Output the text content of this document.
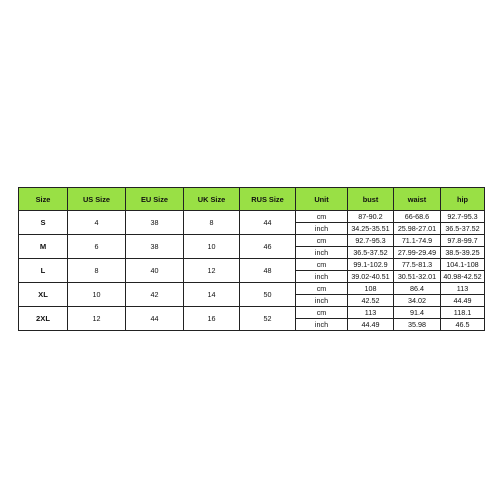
Size	US Size	EU Size	UK Size	RUS Size	Unit	bust	waist	hip
S	4	38	8	44	cm	87-90.2	66-68.6	92.7-95.3
					inch	34.25-35.51	25.98-27.01	36.5-37.52
M	6	38	10	46	cm	92.7-95.3	71.1-74.9	97.8-99.7
					inch	36.5-37.52	27.99-29.49	38.5-39.25
L	8	40	12	48	cm	99.1-102.9	77.5-81.3	104.1-108
					inch	39.02-40.51	30.51-32.01	40.98-42.52
XL	10	42	14	50	cm	108	86.4	113
					inch	42.52	34.02	44.49
2XL	12	44	16	52	cm	113	91.4	118.1
					inch	44.49	35.98	46.5
